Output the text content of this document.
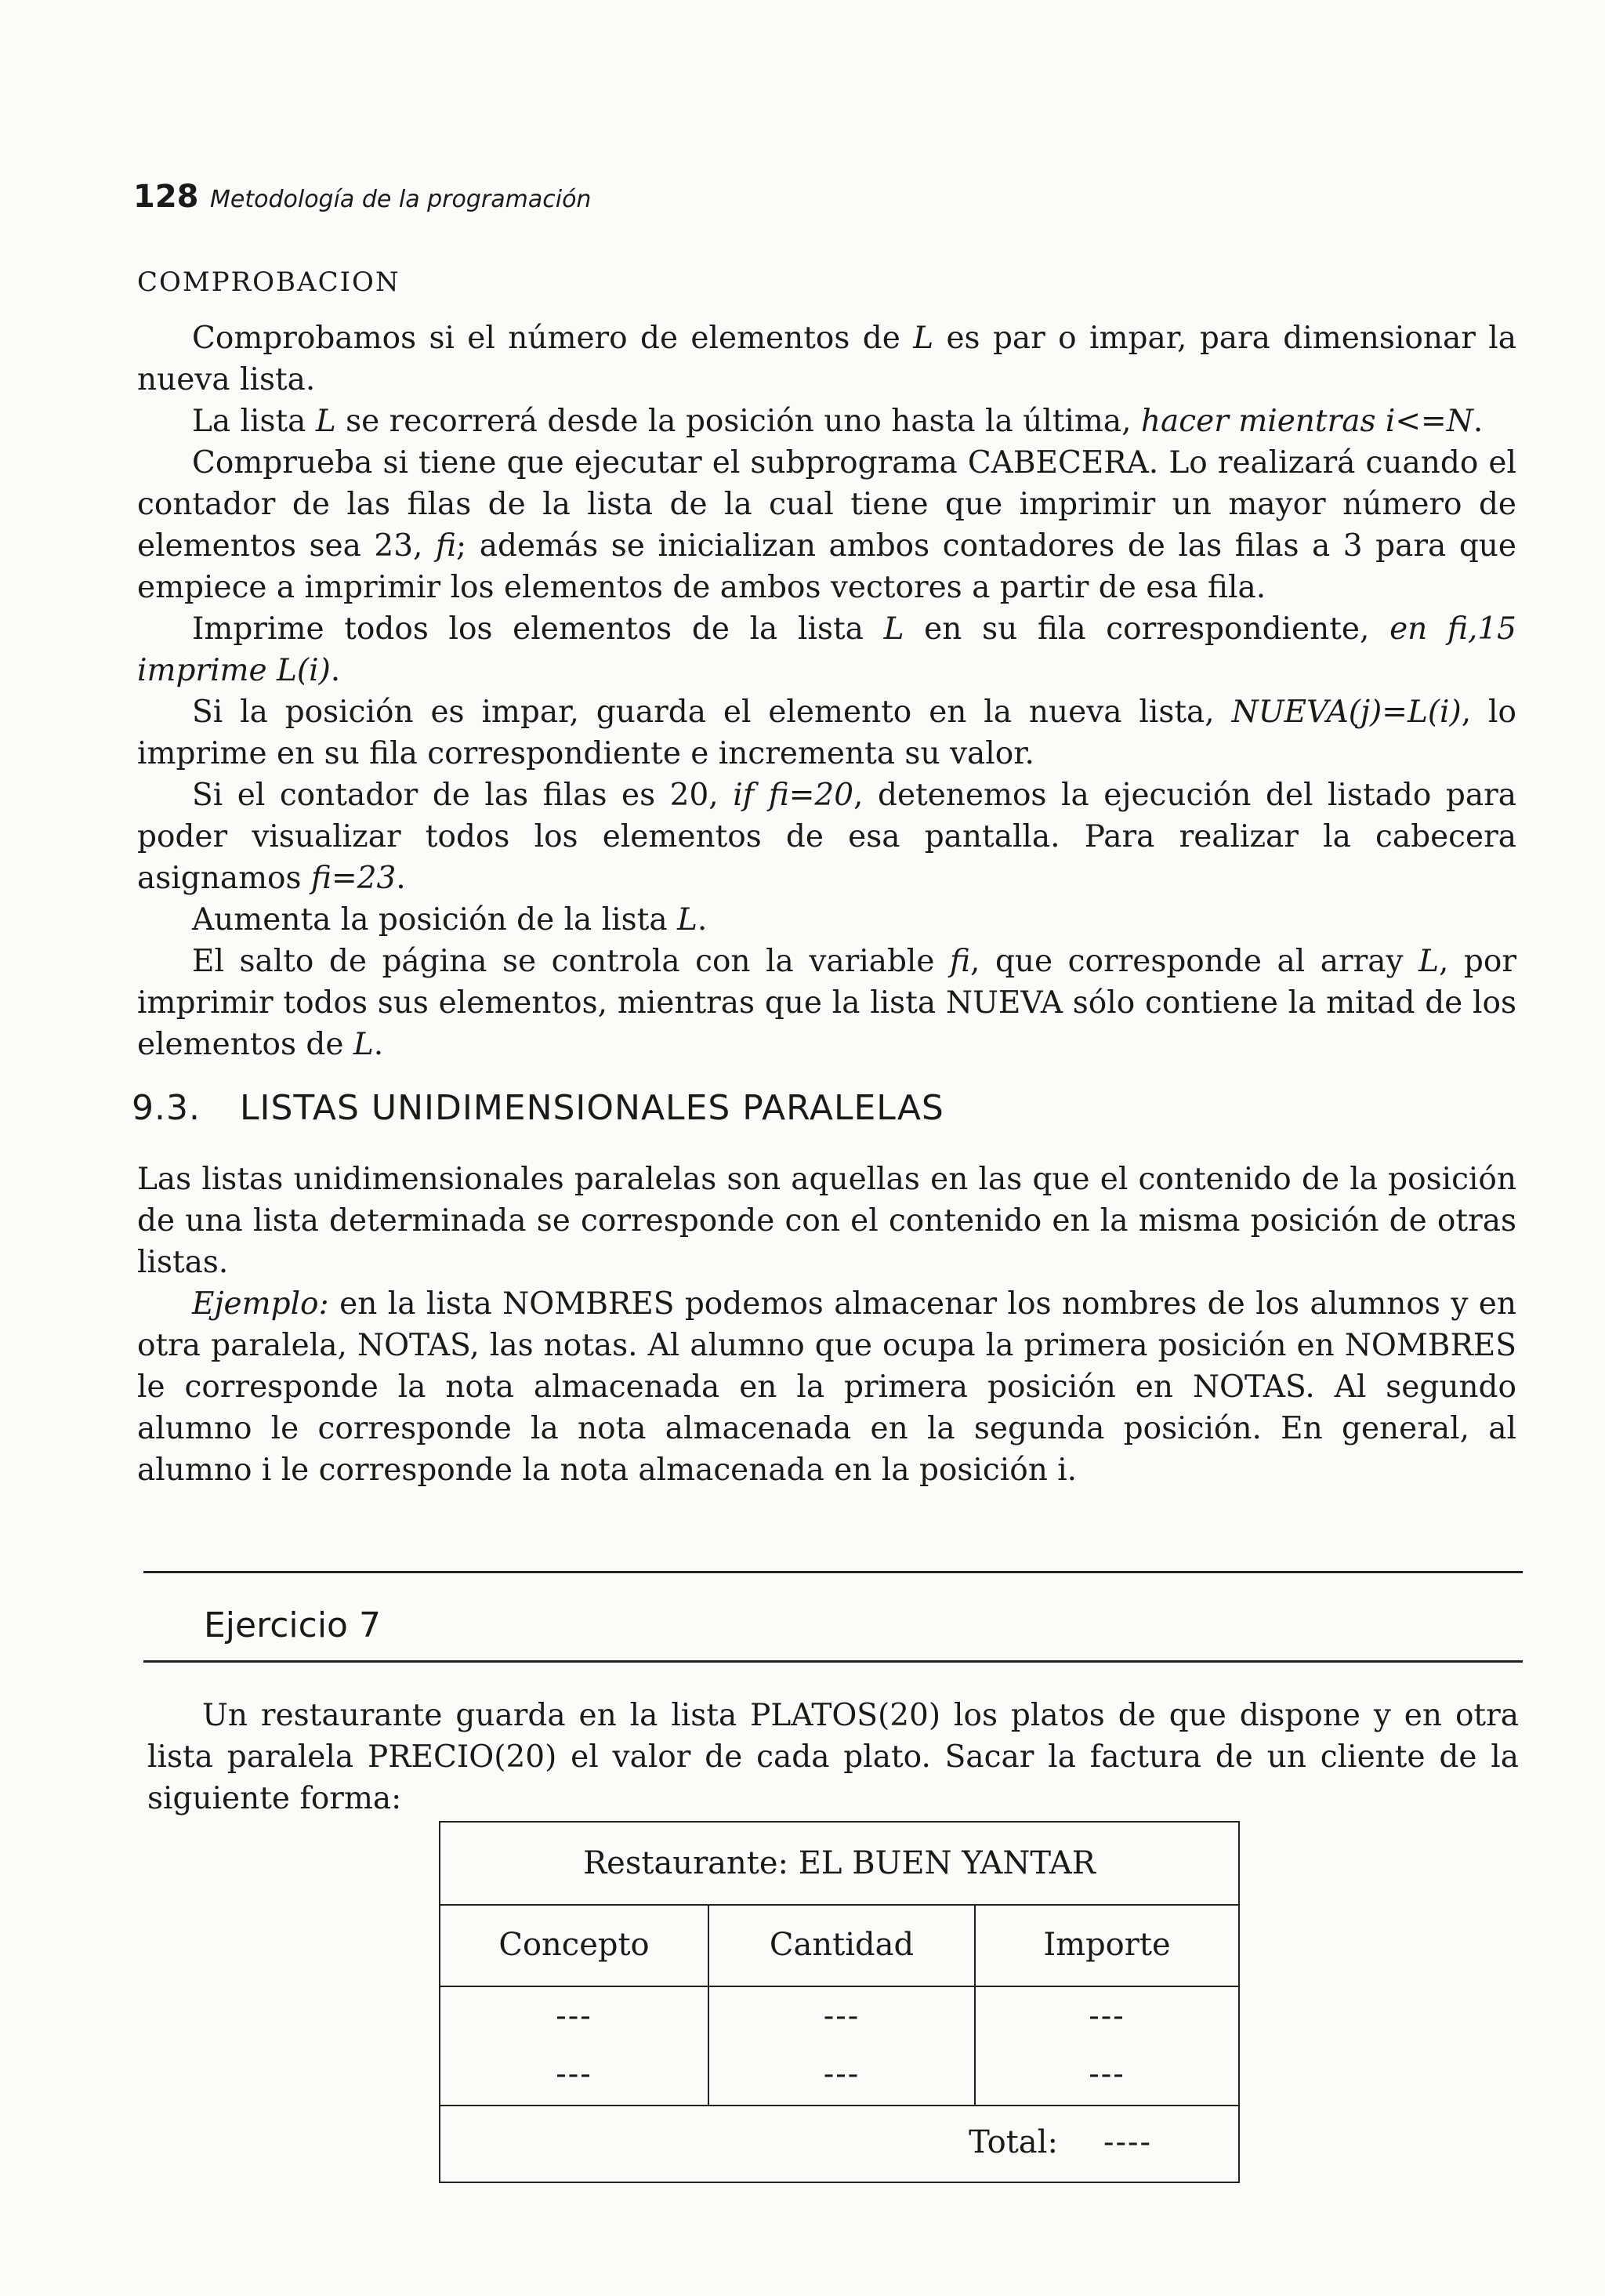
128 Metodología de la programación
COMPROBACION

Comprobamos si el número de elementos de L es par o impar, para dimensionar la nueva lista.

La lista L se recorrerá desde la posición uno hasta la última, hacer mientras i<=N.

Comprueba si tiene que ejecutar el subprograma CABECERA. Lo realizará cuando el contador de las filas de la lista de la cual tiene que imprimir un mayor número de elementos sea 23, fi; además se inicializan ambos contadores de las filas a 3 para que empiece a imprimir los elementos de ambos vectores a partir de esa fila.

Imprime todos los elementos de la lista L en su fila correspondiente, en fi,15 imprime L(i).

Si la posición es impar, guarda el elemento en la nueva lista, NUEVA(j)=L(i), lo imprime en su fila correspondiente e incrementa su valor.

Si el contador de las filas es 20, if fi=20, detenemos la ejecución del listado para poder visualizar todos los elementos de esa pantalla. Para realizar la cabecera asignamos fi=23.

Aumenta la posición de la lista L.

El salto de página se controla con la variable fi, que corresponde al array L, por imprimir todos sus elementos, mientras que la lista NUEVA sólo contiene la mitad de los elementos de L.

9.3. LISTAS UNIDIMENSIONALES PARALELAS

Las listas unidimensionales paralelas son aquellas en las que el contenido de la posición de una lista determinada se corresponde con el contenido en la misma posición de otras listas.

Ejemplo: en la lista NOMBRES podemos almacenar los nombres de los alumnos y en otra paralela, NOTAS, las notas. Al alumno que ocupa la primera posición en NOMBRES le corresponde la nota almacenada en la primera posición en NOTAS. Al segundo alumno le corresponde la nota almacenada en la segunda posición. En general, al alumno i le corresponde la nota almacenada en la posición i.

Ejercicio 7

Un restaurante guarda en la lista PLATOS(20) los platos de que dispone y en otra lista paralela PRECIO(20) el valor de cada plato. Sacar la factura de un cliente de la siguiente forma:

Restaurante: EL BUEN YANTAR
Concepto	Cantidad	Importe
---
---
---
---
---
---
Total: ----
